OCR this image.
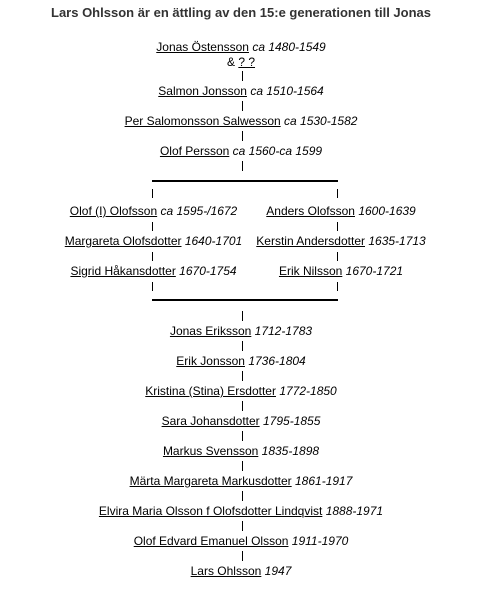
Lars Ohlsson är en ättling av den 15:e generationen till Jonas
Jonas Östensson ca 1480-1549
& ? ?
Salmon Jonsson ca 1510-1564
Per Salomonsson Salwesson ca 1530-1582
Olof Persson ca 1560-ca 1599
Olof (I) Olofsson ca 1595-/1672
Margareta Olofsdotter 1640-1701
Sigrid Håkansdotter 1670-1754
Anders Olofsson 1600-1639
Kerstin Andersdotter 1635-1713
Erik Nilsson 1670-1721
Jonas Eriksson 1712-1783
Erik Jonsson 1736-1804
Kristina (Stina) Ersdotter 1772-1850
Sara Johansdotter 1795-1855
Markus Svensson 1835-1898
Märta Margareta Markusdotter 1861-1917
Elvira Maria Olsson f Olofsdotter Lindqvist 1888-1971
Olof Edvard Emanuel Olsson 1911-1970
Lars Ohlsson 1947
